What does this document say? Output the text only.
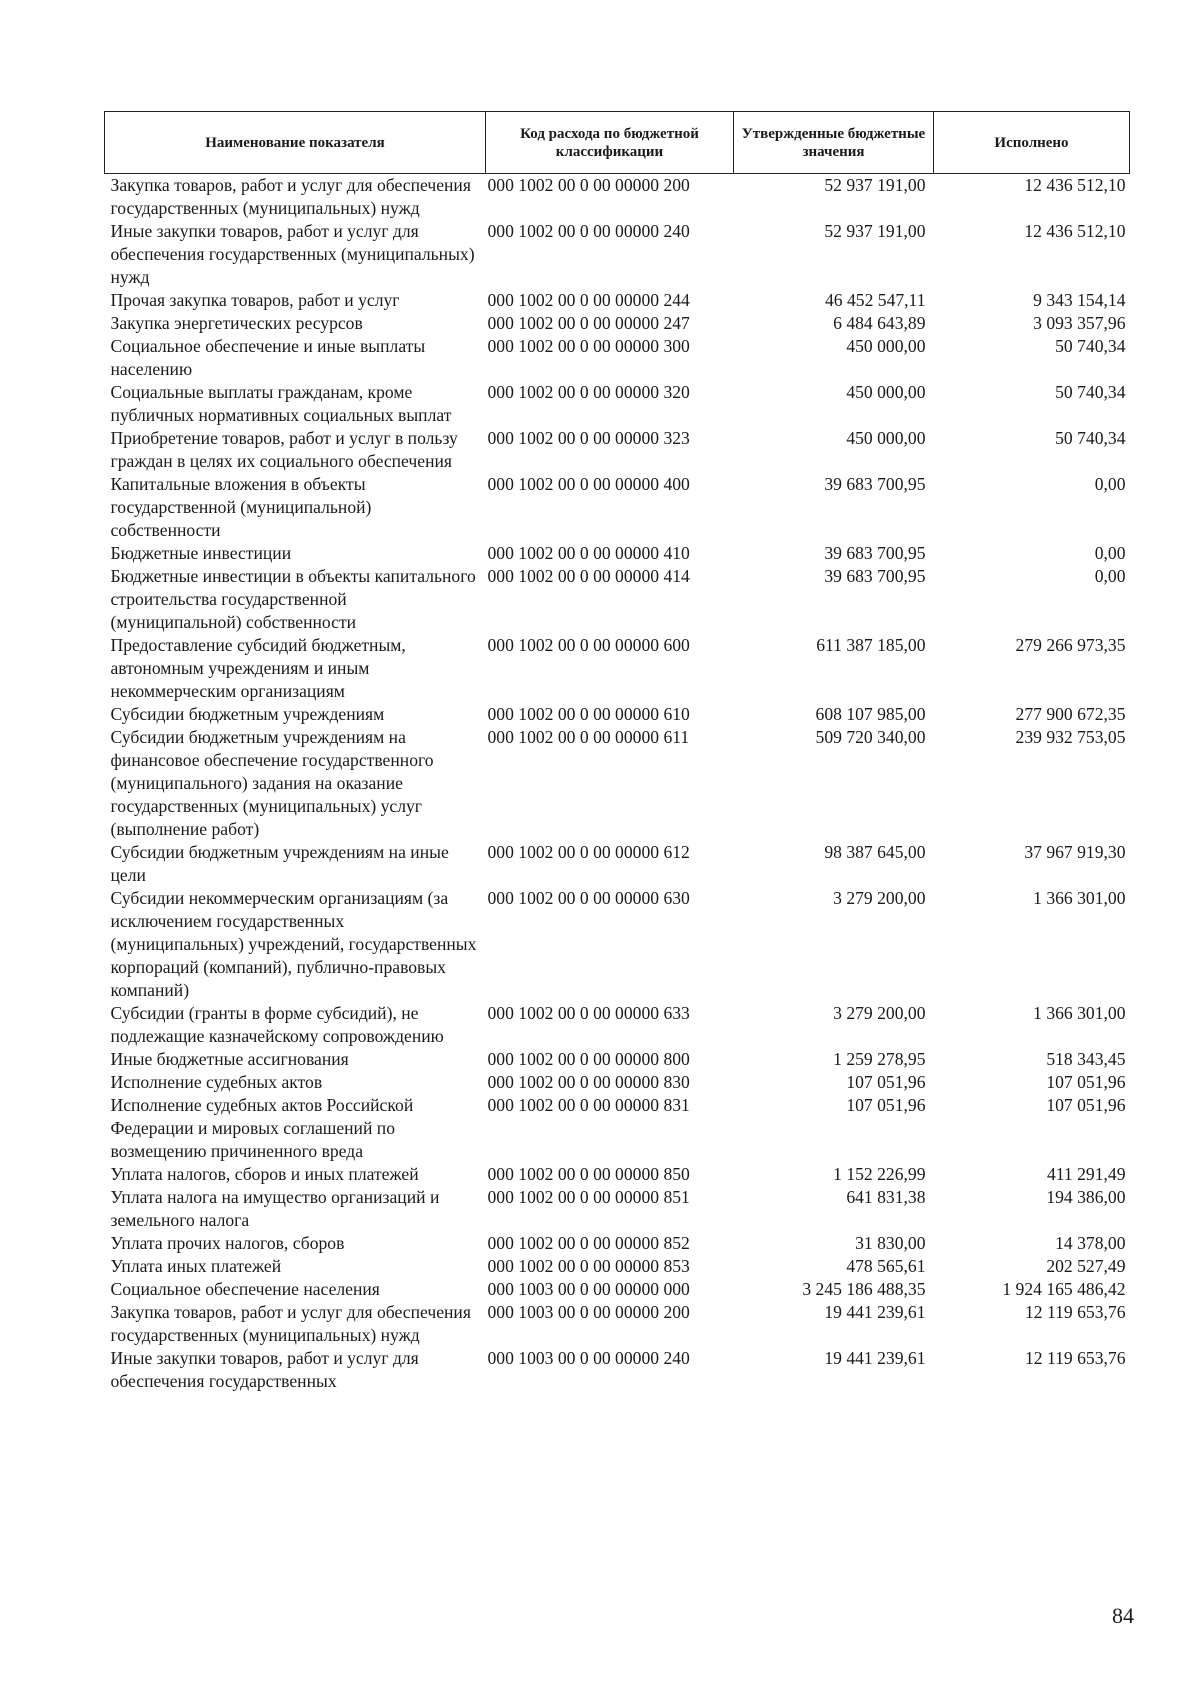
Наименование показателя	Код расхода по бюджетной классификации	Утвержденные бюджетные значения	Исполнено
Закупка товаров, работ и услуг для обеспечения государственных (муниципальных) нужд	000 1002 00 0 00 00000 200	52 937 191,00	12 436 512,10
Иные закупки товаров, работ и услуг для обеспечения государственных (муниципальных) нужд	000 1002 00 0 00 00000 240	52 937 191,00	12 436 512,10
Прочая закупка товаров, работ и услуг	000 1002 00 0 00 00000 244	46 452 547,11	9 343 154,14
Закупка энергетических ресурсов	000 1002 00 0 00 00000 247	6 484 643,89	3 093 357,96
Социальное обеспечение и иные выплаты населению	000 1002 00 0 00 00000 300	450 000,00	50 740,34
Социальные выплаты гражданам, кроме публичных нормативных социальных выплат	000 1002 00 0 00 00000 320	450 000,00	50 740,34
Приобретение товаров, работ и услуг в пользу граждан в целях их социального обеспечения	000 1002 00 0 00 00000 323	450 000,00	50 740,34
Капитальные вложения в объекты государственной (муниципальной) собственности	000 1002 00 0 00 00000 400	39 683 700,95	0,00
Бюджетные инвестиции	000 1002 00 0 00 00000 410	39 683 700,95	0,00
Бюджетные инвестиции в объекты капитального строительства государственной (муниципальной) собственности	000 1002 00 0 00 00000 414	39 683 700,95	0,00
Предоставление субсидий бюджетным, автономным учреждениям и иным некоммерческим организациям	000 1002 00 0 00 00000 600	611 387 185,00	279 266 973,35
Субсидии бюджетным учреждениям	000 1002 00 0 00 00000 610	608 107 985,00	277 900 672,35
Субсидии бюджетным учреждениям на финансовое обеспечение государственного (муниципального) задания на оказание государственных (муниципальных) услуг (выполнение работ)	000 1002 00 0 00 00000 611	509 720 340,00	239 932 753,05
Субсидии бюджетным учреждениям на иные цели	000 1002 00 0 00 00000 612	98 387 645,00	37 967 919,30
Субсидии некоммерческим организациям (за исключением государственных (муниципальных) учреждений, государственных корпораций (компаний), публично-правовых компаний)	000 1002 00 0 00 00000 630	3 279 200,00	1 366 301,00
Субсидии (гранты в форме субсидий), не подлежащие казначейскому сопровождению	000 1002 00 0 00 00000 633	3 279 200,00	1 366 301,00
Иные бюджетные ассигнования	000 1002 00 0 00 00000 800	1 259 278,95	518 343,45
Исполнение судебных актов	000 1002 00 0 00 00000 830	107 051,96	107 051,96
Исполнение судебных актов Российской Федерации и мировых соглашений по возмещению причиненного вреда	000 1002 00 0 00 00000 831	107 051,96	107 051,96
Уплата налогов, сборов и иных платежей	000 1002 00 0 00 00000 850	1 152 226,99	411 291,49
Уплата налога на имущество организаций и земельного налога	000 1002 00 0 00 00000 851	641 831,38	194 386,00
Уплата прочих налогов, сборов	000 1002 00 0 00 00000 852	31 830,00	14 378,00
Уплата иных платежей	000 1002 00 0 00 00000 853	478 565,61	202 527,49
Социальное обеспечение населения	000 1003 00 0 00 00000 000	3 245 186 488,35	1 924 165 486,42
Закупка товаров, работ и услуг для обеспечения государственных (муниципальных) нужд	000 1003 00 0 00 00000 200	19 441 239,61	12 119 653,76
Иные закупки товаров, работ и услуг для обеспечения государственных	000 1003 00 0 00 00000 240	19 441 239,61	12 119 653,76
84
